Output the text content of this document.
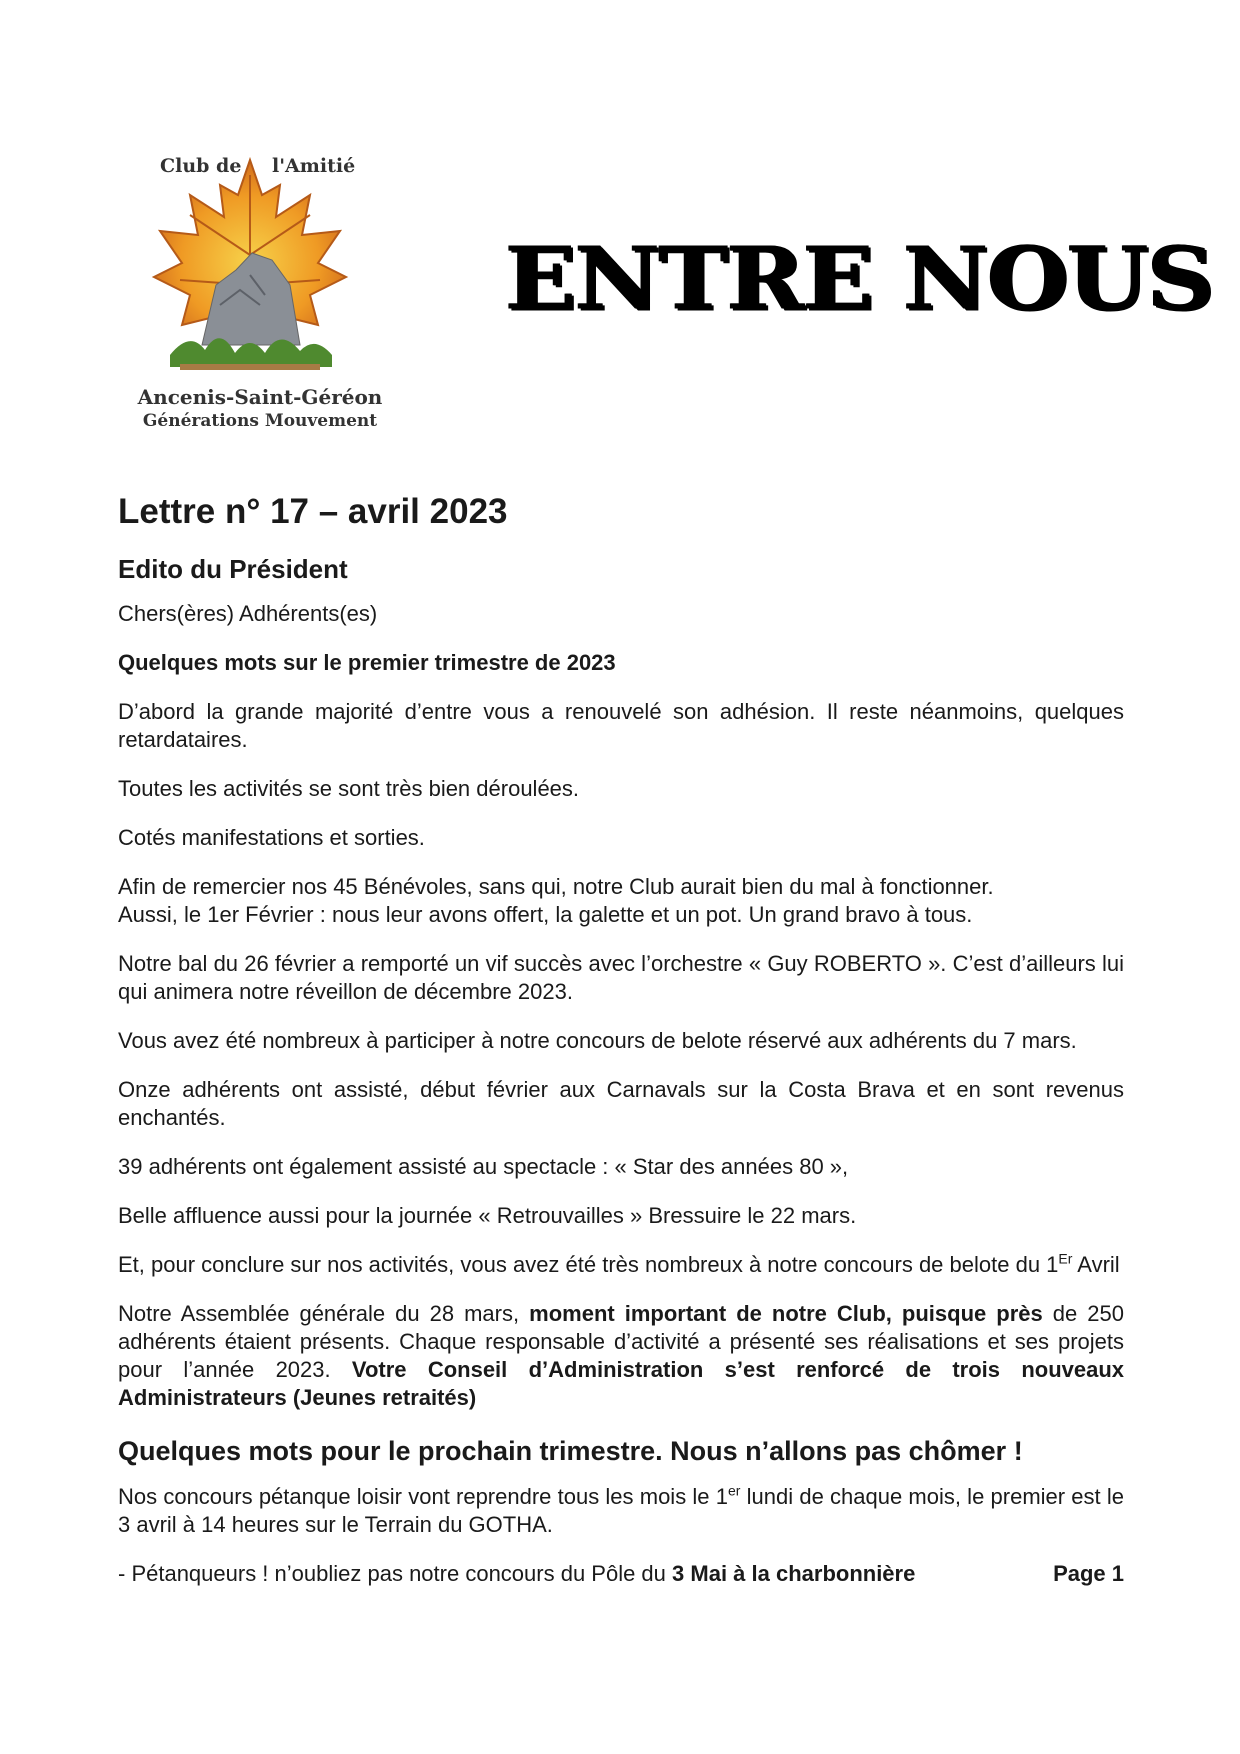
Club de l'Amitié
Ancenis-Saint-Géréon
Générations Mouvement
ENTRE NOUS
Lettre n° 17 – avril 2023
Edito du Président

Chers(ères) Adhérents(es)

Quelques mots sur le premier trimestre de 2023

D’abord la grande majorité d’entre vous a renouvelé son adhésion. Il reste néanmoins, quelques retardataires.

Toutes les activités se sont très bien déroulées.

Cotés manifestations et sorties.

Afin de remercier nos 45 Bénévoles, sans qui, notre Club aurait bien du mal à fonctionner.
Aussi, le 1er Février : nous leur avons offert, la galette et un pot. Un grand bravo à tous.

Notre bal du 26 février a remporté un vif succès avec l’orchestre « Guy ROBERTO ». C’est d’ailleurs lui qui animera notre réveillon de décembre 2023.

Vous avez été nombreux à participer à notre concours de belote réservé aux adhérents du 7 mars.

Onze adhérents ont assisté, début février aux Carnavals sur la Costa Brava et en sont revenus enchantés.

39 adhérents ont également assisté au spectacle : « Star des années 80 »,

Belle affluence aussi pour la journée « Retrouvailles » Bressuire le 22 mars.

Et, pour conclure sur nos activités, vous avez été très nombreux à notre concours de belote du 1Er Avril

Notre Assemblée générale du 28 mars, moment important de notre Club, puisque près de 250 adhérents étaient présents. Chaque responsable d’activité a présenté ses réalisations et ses projets pour l’année 2023. Votre Conseil d’Administration s’est renforcé de trois nouveaux Administrateurs (Jeunes retraités)

Quelques mots pour le prochain trimestre. Nous n’allons pas chômer !

Nos concours pétanque loisir vont reprendre tous les mois le 1er lundi de chaque mois, le premier est le 3 avril à 14 heures sur le Terrain du GOTHA.

- Pétanqueurs ! n’oubliez pas notre concours du Pôle du 3 Mai à la charbonnière	Page 1
